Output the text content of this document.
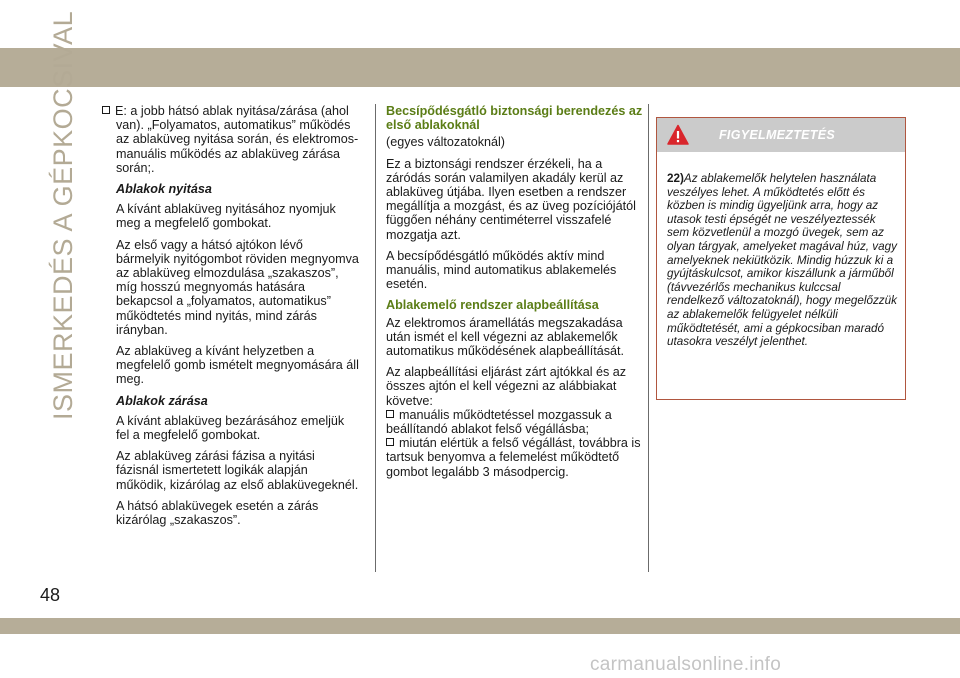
ISMERKEDÉS A GÉPKOCSIVAL	E: a jobb hátsó ablak nyitása/zárása (ahol van). „Folyamatos, automatikus” működés az ablaküveg nyitása során, és elektromos-manuális működés az ablaküveg zárása során;.

Ablakok nyitása

A kívánt ablaküveg nyitásához nyomjuk meg a megfelelő gombokat.

Az első vagy a hátsó ajtókon lévő bármelyik nyitógombot röviden megnyomva az ablaküveg elmozdulása „szakaszos”, míg hosszú megnyomás hatására bekapcsol a „folyamatos, automatikus” működtetés mind nyitás, mind zárás irányban.

Az ablaküveg a kívánt helyzetben a megfelelő gomb ismételt megnyomására áll meg.

Ablakok zárása

A kívánt ablaküveg bezárásához emeljük fel a megfelelő gombokat.

Az ablaküveg zárási fázisa a nyitási fázisnál ismertetett logikák alapján működik, kizárólag az első ablaküvegeknél.

A hátsó ablaküvegek esetén a zárás kizárólag „szakaszos”.

Becsípődésgátló biztonsági berendezés az első ablakoknál

(egyes változatoknál)

Ez a biztonsági rendszer érzékeli, ha a záródás során valamilyen akadály kerül az ablaküveg útjába. Ilyen esetben a rendszer megállítja a mozgást, és az üveg pozíciójától függően néhány centiméterrel visszafelé mozgatja azt.

A becsípődésgátló működés aktív mind manuális, mind automatikus ablakemelés esetén.

Ablakemelő rendszer alapbeállítása

Az elektromos áramellátás megszakadása után ismét el kell végezni az ablakemelők automatikus működésének alapbeállítását.

Az alapbeállítási eljárást zárt ajtókkal és az összes ajtón el kell végezni az alábbiakat követve:

manuális működtetéssel mozgassuk a beállítandó ablakot felső végállásba;

miután elértük a felső végállást, továbbra is tartsuk benyomva a felemelést működtető gombot legalább 3 másodpercig.

FIGYELMEZTETÉS
22)Az ablakemelők helytelen használata veszélyes lehet. A működtetés előtt és közben is mindig ügyeljünk arra, hogy az utasok testi épségét ne veszélyeztessék sem közvetlenül a mozgó üvegek, sem az olyan tárgyak, amelyeket magával húz, vagy amelyeknek nekiütközik. Mindig húzzuk ki a gyújtáskulcsot, amikor kiszállunk a járműből (távvezérlős mechanikus kulccsal rendelkező változatoknál), hogy megelőzzük az ablakemelők felügyelet nélküli működtetését, ami a gépkocsiban maradó utasokra veszélyt jelenthet.
48
carmanualsonline.info
